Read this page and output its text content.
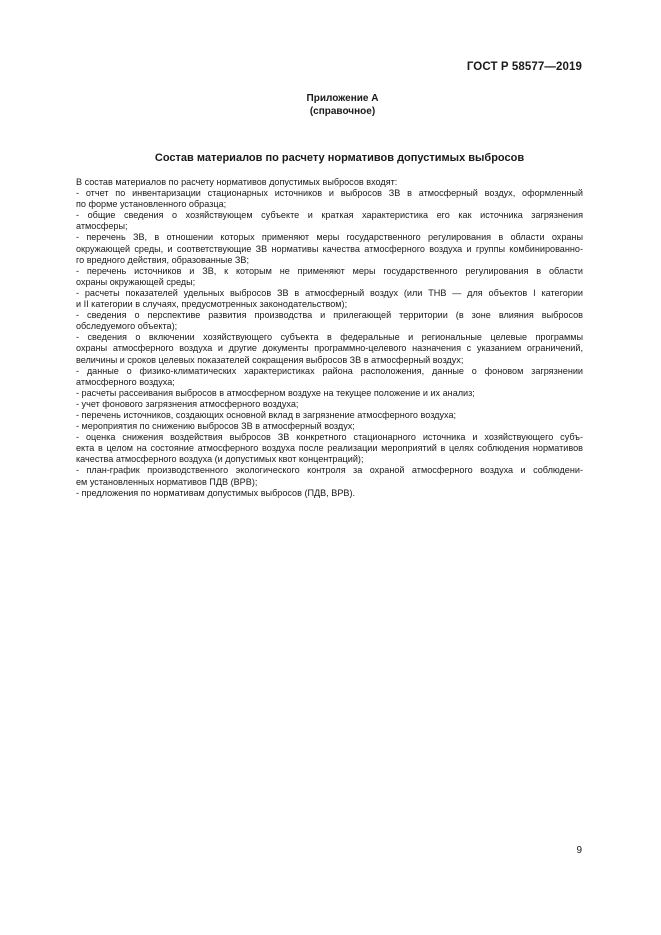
ГОСТ Р 58577—2019
Приложение А
(справочное)
Состав материалов по расчету нормативов допустимых выбросов
В состав материалов по расчету нормативов допустимых выбросов входят:
- отчет по инвентаризации стационарных источников и выбросов ЗВ в атмосферный воздух, оформленный
по форме установленного образца;
- общие сведения о хозяйствующем субъекте и краткая характеристика его как источника загрязнения
атмосферы;
- перечень ЗВ, в отношении которых применяют меры государственного регулирования в области охраны
окружающей среды, и соответствующие ЗВ нормативы качества атмосферного воздуха и группы комбинированно-
го вредного действия, образованные ЗВ;
- перечень источников и ЗВ, к которым не применяют меры государственного регулирования в области
охраны окружающей среды;
- расчеты показателей удельных выбросов ЗВ в атмосферный воздух (или ТНВ — для объектов I категории
и II категории в случаях, предусмотренных законодательством);
- сведения о перспективе развития производства и прилегающей территории (в зоне влияния выбросов
обследуемого объекта);
- сведения о включении хозяйствующего субъекта в федеральные и региональные целевые программы
охраны атмосферного воздуха и другие документы программно-целевого назначения с указанием ограничений,
величины и сроков целевых показателей сокращения выбросов ЗВ в атмосферный воздух;
- данные о физико-климатических характеристиках района расположения, данные о фоновом загрязнении
атмосферного воздуха;
- расчеты рассеивания выбросов в атмосферном воздухе на текущее положение и их анализ;
- учет фонового загрязнения атмосферного воздуха;
- перечень источников, создающих основной вклад в загрязнение атмосферного воздуха;
- мероприятия по снижению выбросов ЗВ в атмосферный воздух;
- оценка снижения воздействия выбросов ЗВ конкретного стационарного источника и хозяйствующего субъ-
екта в целом на состояние атмосферного воздуха после реализации мероприятий в целях соблюдения нормативов
качества атмосферного воздуха (и допустимых квот концентраций);
- план-график производственного экологического контроля за охраной атмосферного воздуха и соблюдени-
ем установленных нормативов ПДВ (ВРВ);
- предложения по нормативам допустимых выбросов (ПДВ, ВРВ).
9
